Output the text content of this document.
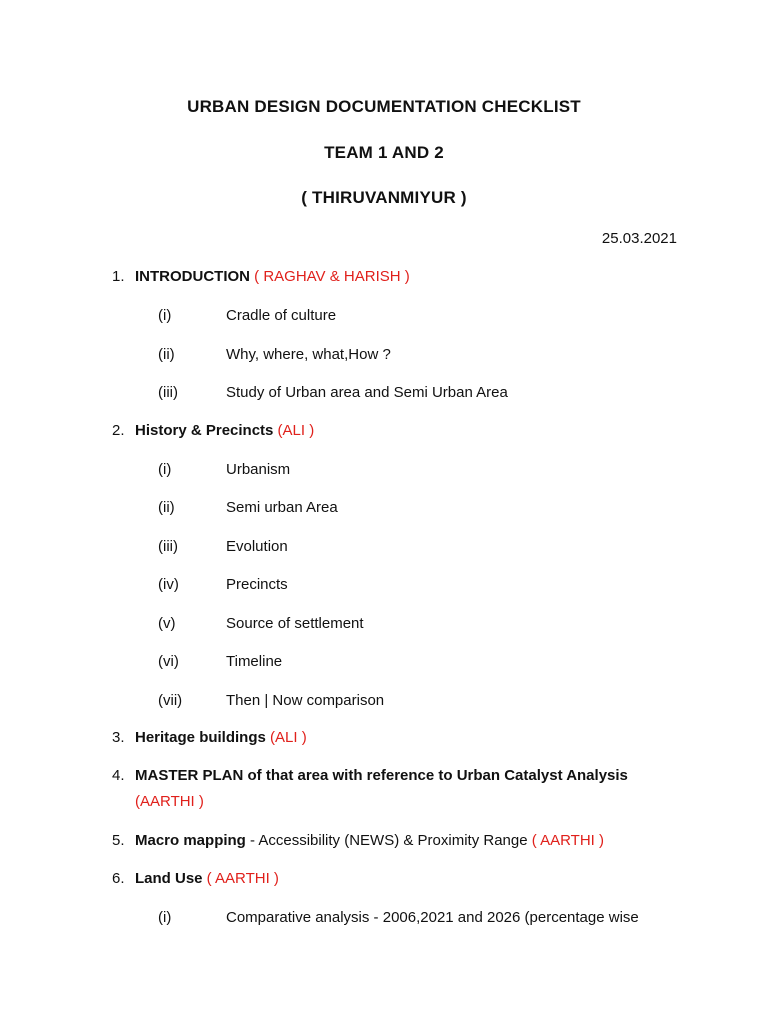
URBAN DESIGN DOCUMENTATION CHECKLIST
TEAM 1 AND 2
( THIRUVANMIYUR )
25.03.2021
1. INTRODUCTION ( RAGHAV & HARISH )
(i)	Cradle of culture
(ii)	Why, where, what,How ?
(iii)	Study of Urban area and Semi Urban Area
2. History & Precincts (ALI )
(i)	Urbanism
(ii)	Semi urban Area
(iii)	Evolution
(iv)	Precincts
(v)	Source of settlement
(vi)	Timeline
(vii)	Then | Now comparison
3. Heritage buildings (ALI )
4. MASTER PLAN of that area with reference to Urban Catalyst Analysis
(AARTHI )
5. Macro mapping - Accessibility (NEWS) & Proximity Range ( AARTHI )
6. Land Use ( AARTHI )
(i)	Comparative analysis - 2006,2021 and 2026 (percentage wise
